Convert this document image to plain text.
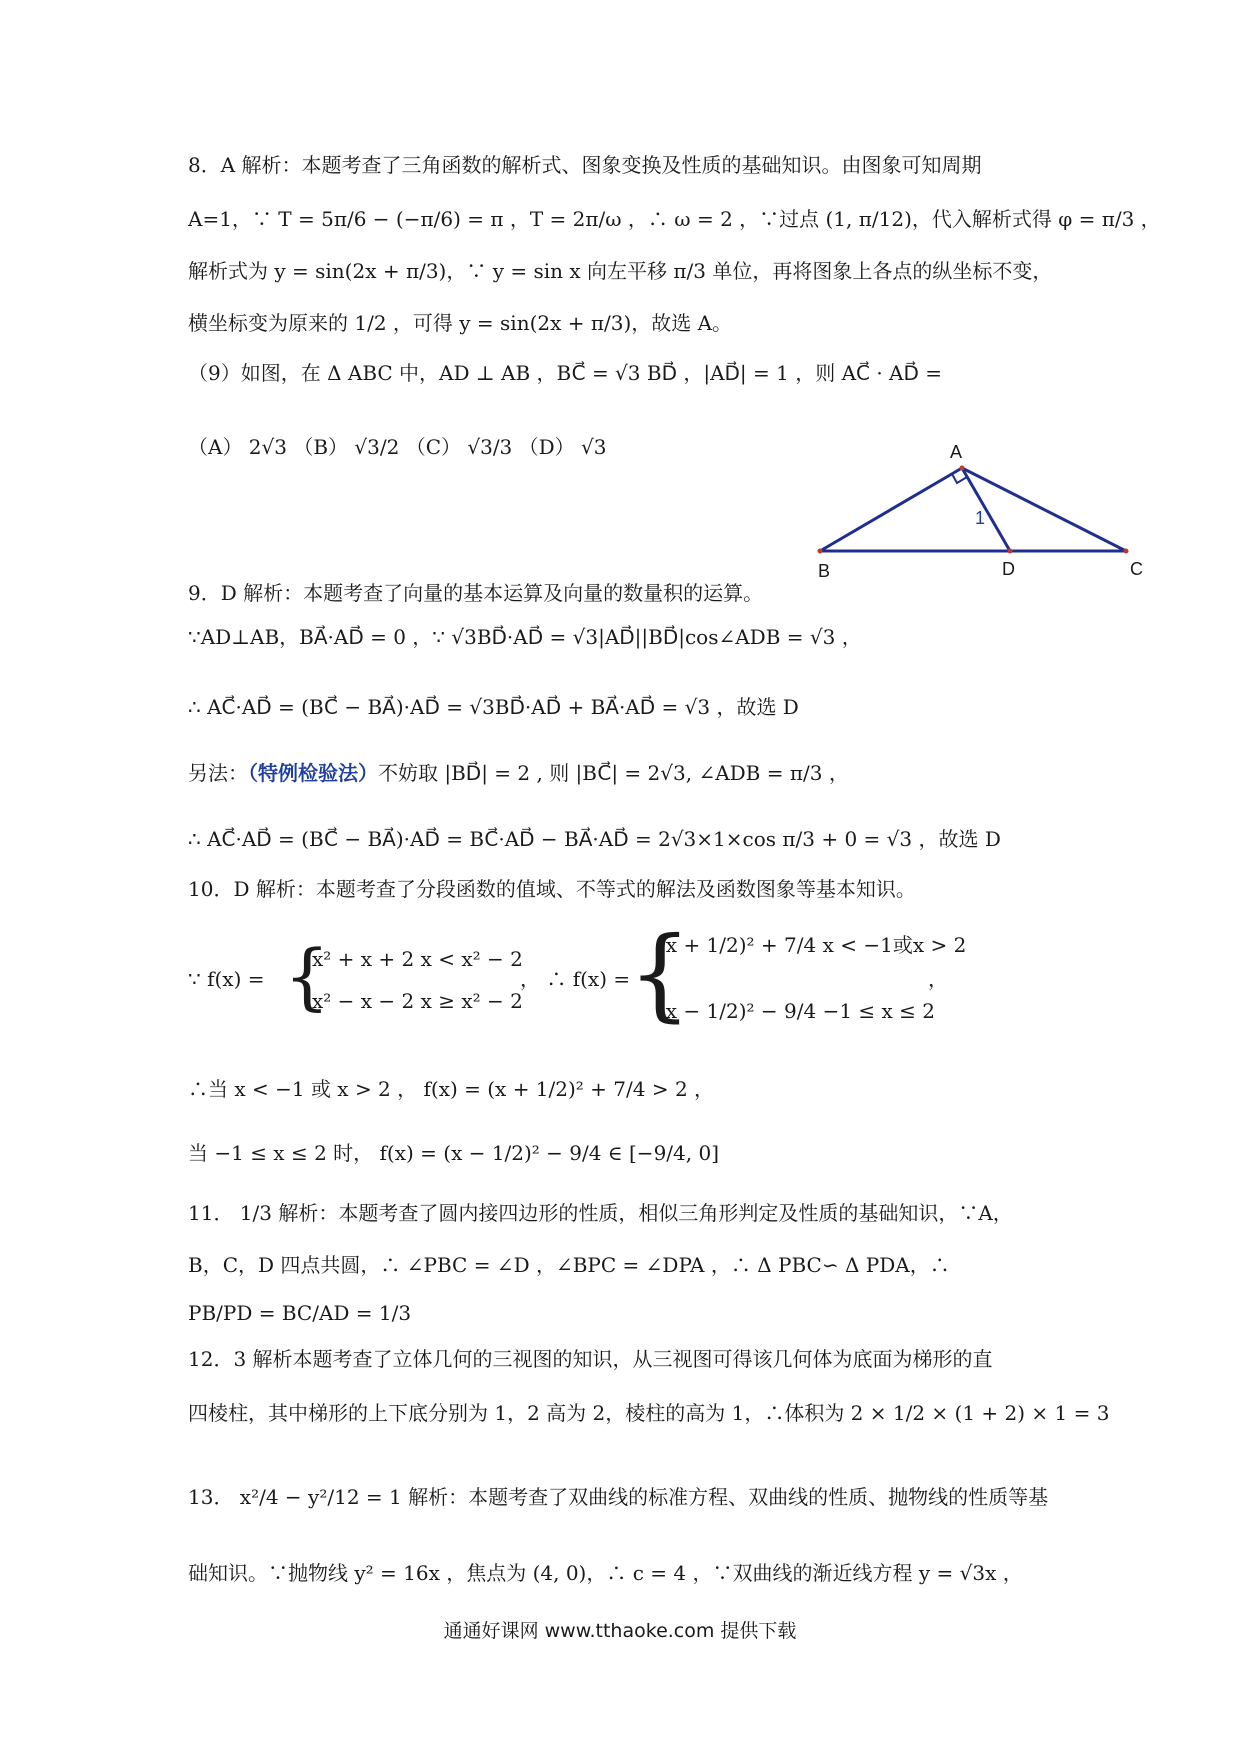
8．A 解析：本题考查了三角函数的解析式、图象变换及性质的基础知识。由图象可知周期
A=1，∵ T = 5π/6 − (−π/6) = π ，T = 2π/ω ，∴ ω = 2 ，∵过点 (1, π/12)，代入解析式得 φ = π/3 ，
解析式为 y = sin(2x + π/3)，∵ y = sin x 向左平移 π/3 单位，再将图象上各点的纵坐标不变，
横坐标变为原来的 1/2 ，可得 y = sin(2x + π/3)，故选 A。
（9）如图，在 Δ ABC 中，AD ⊥ AB ，BC⃗ = √3 BD⃗ ，|AD⃗| = 1 ，则 AC⃗ · AD⃗ =
（A） 2√3 （B） √3/2 （C） √3/3 （D） √3	A
B	C
D
1
9．D 解析：本题考查了向量的基本运算及向量的数量积的运算。
∵AD⊥AB，BA⃗·AD⃗ = 0 ，∵ √3BD⃗·AD⃗ = √3|AD⃗||BD⃗|cos∠ADB = √3 ，
∴ AC⃗·AD⃗ = (BC⃗ − BA⃗)·AD⃗ = √3BD⃗·AD⃗ + BA⃗·AD⃗ = √3 ，故选 D
另法：（特例检验法）不妨取 |BD⃗| = 2 , 则 |BC⃗| = 2√3, ∠ADB = π/3 ，
∴ AC⃗·AD⃗ = (BC⃗ − BA⃗)·AD⃗ = BC⃗·AD⃗ − BA⃗·AD⃗ = 2√3×1×cos π/3 + 0 = √3 ，故选 D
10．D 解析：本题考查了分段函数的值域、不等式的解法及函数图象等基本知识。
∵ f(x) = {
x² + x + 2 x < x² − 2
x² − x − 2 x ≥ x² − 2
， ∴ f(x) =
{
(x + 1/2)² + 7/4 x < −1或x > 2
(x − 1/2)² − 9/4 −1 ≤ x ≤ 2
，
∴当 x < −1 或 x > 2 ， f(x) = (x + 1/2)² + 7/4 > 2 ，
当 −1 ≤ x ≤ 2 时， f(x) = (x − 1/2)² − 9/4 ∈ [−9/4, 0]
11． 1/3 解析：本题考查了圆内接四边形的性质，相似三角形判定及性质的基础知识，∵A，
B，C，D 四点共圆，∴ ∠PBC = ∠D ，∠BPC = ∠DPA ，∴ Δ PBC∽ Δ PDA，∴
PB/PD = BC/AD = 1/3
12．3 解析本题考查了立体几何的三视图的知识，从三视图可得该几何体为底面为梯形的直
四棱柱，其中梯形的上下底分别为 1，2 高为 2，棱柱的高为 1，∴体积为 2 × 1/2 × (1 + 2) × 1 = 3
13． x²/4 − y²/12 = 1 解析：本题考查了双曲线的标准方程、双曲线的性质、抛物线的性质等基
础知识。∵抛物线 y² = 16x ，焦点为 (4, 0)，∴ c = 4 ，∵双曲线的渐近线方程 y = √3x ，
通通好课网 www.tthaoke.com 提供下载
